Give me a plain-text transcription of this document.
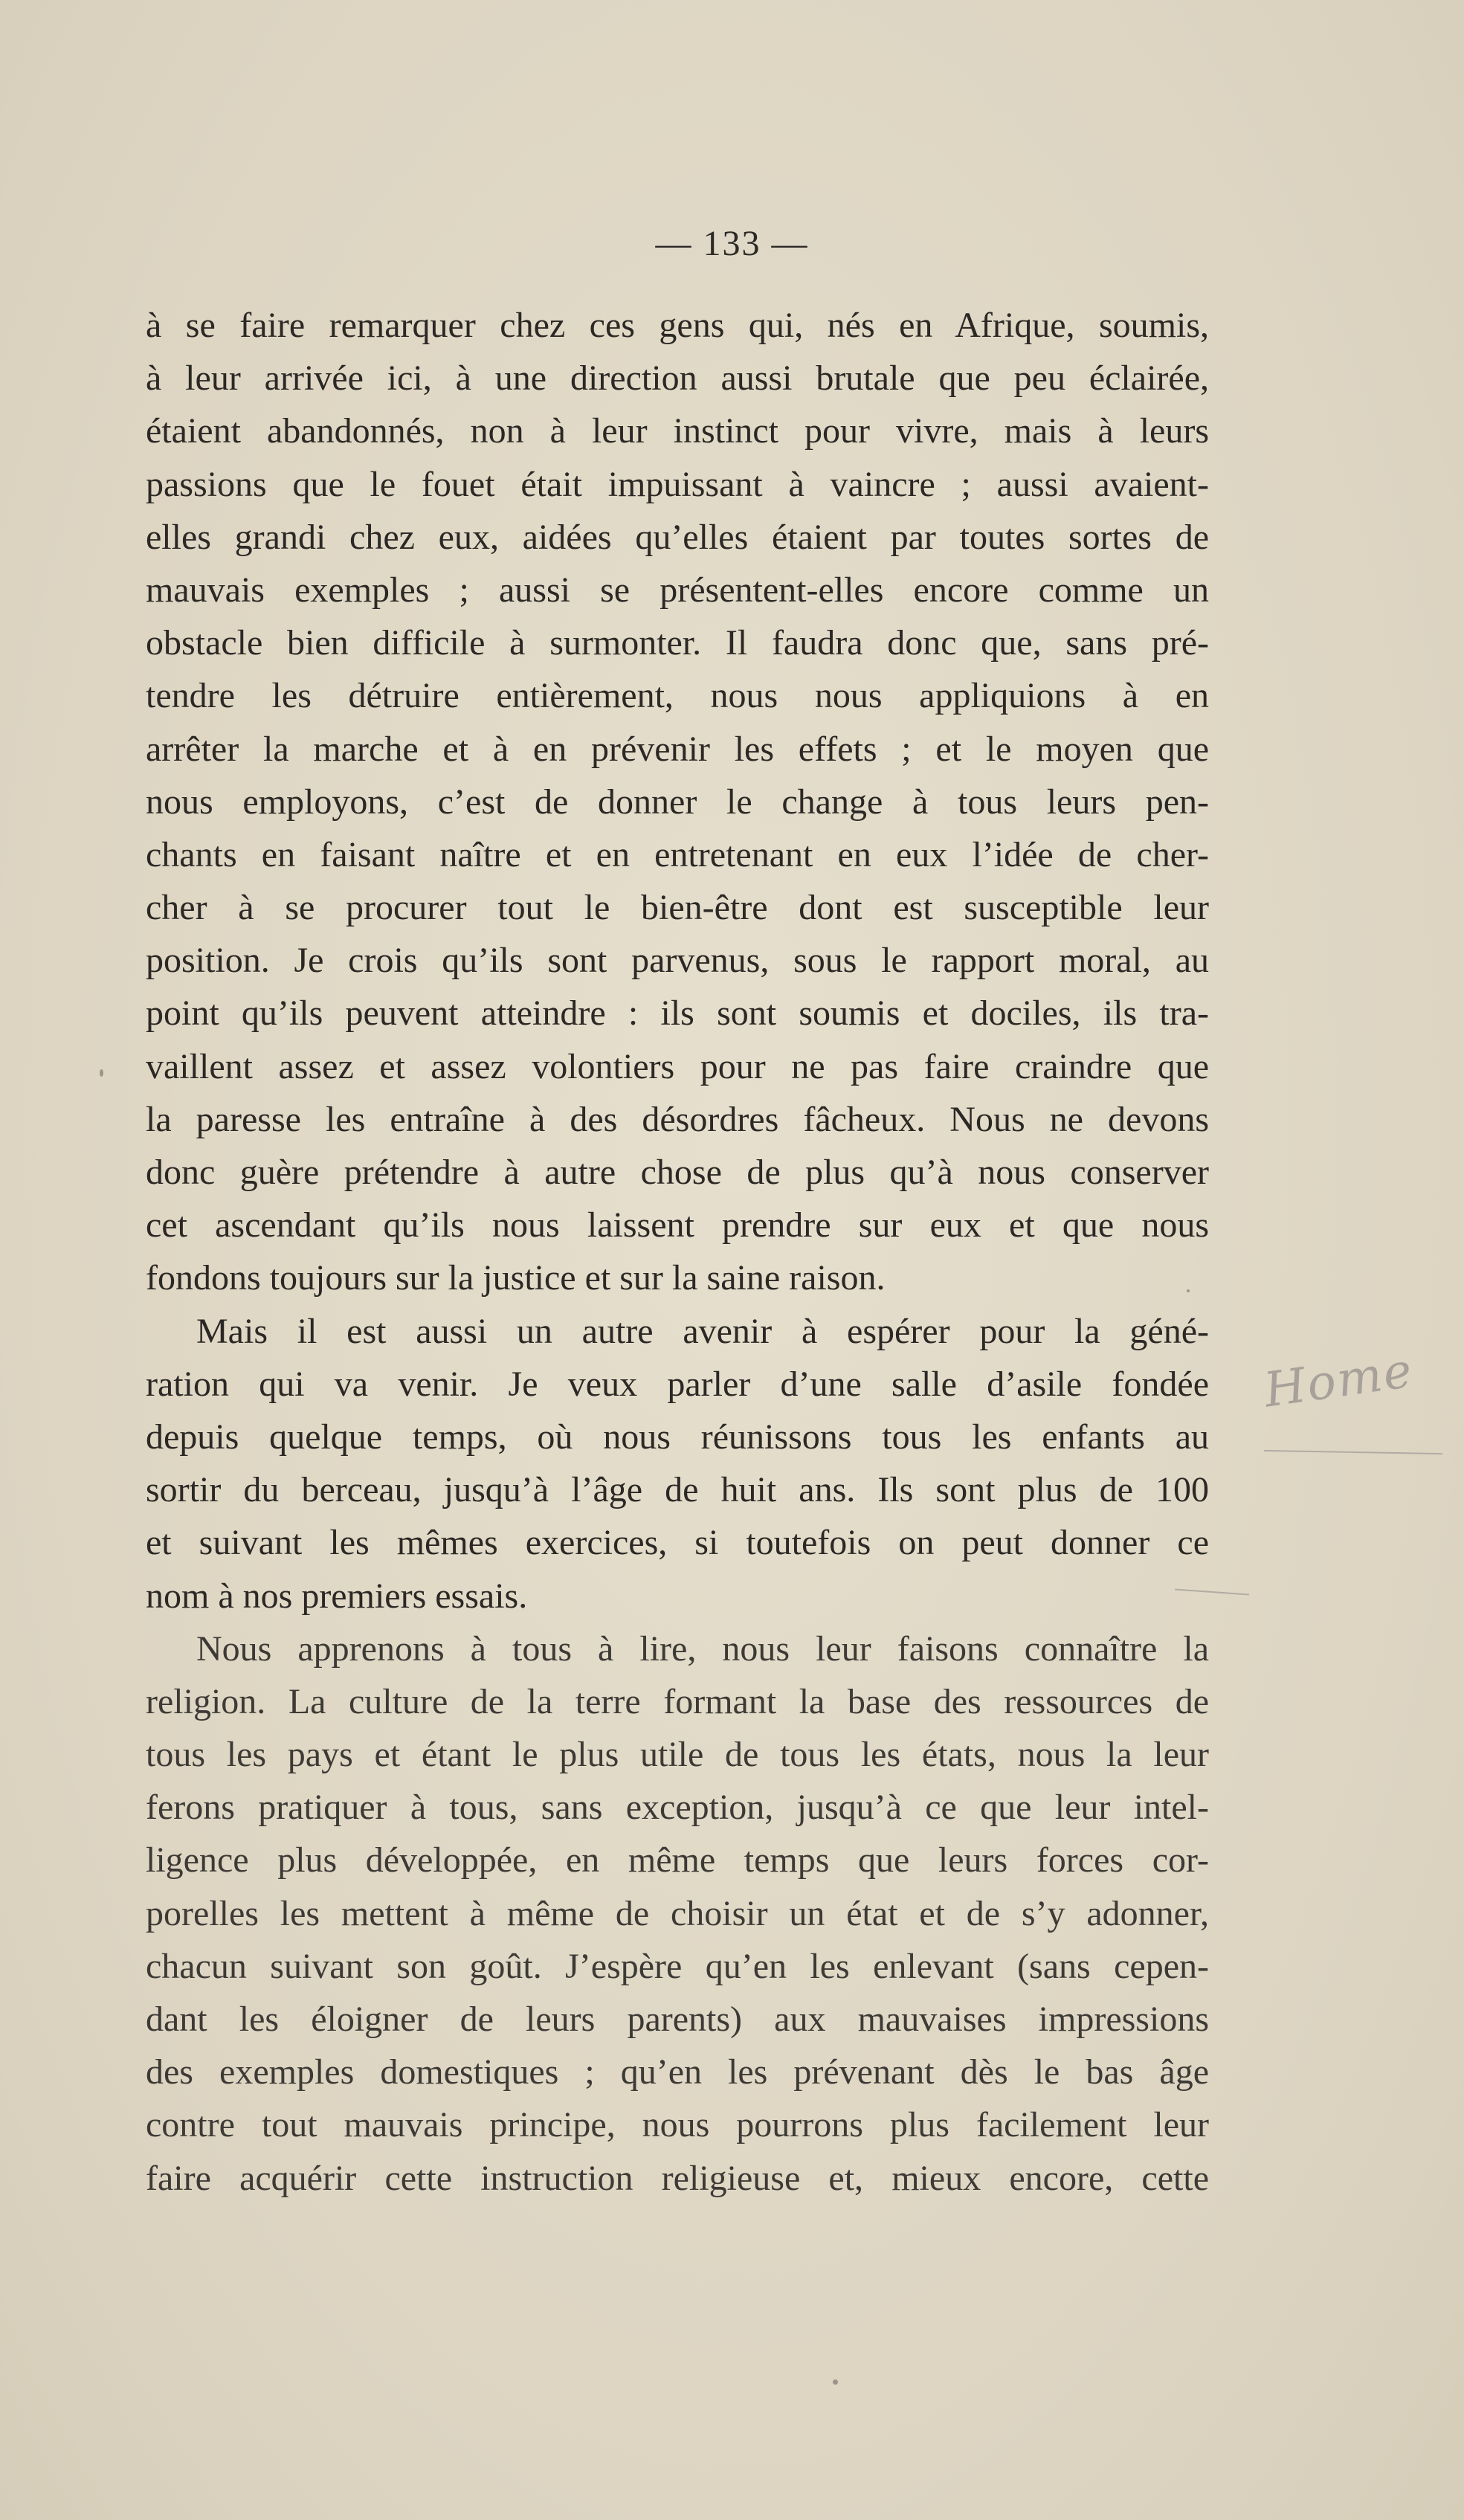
— 133 —
à se faire remarquer chez ces gens qui, nés en Afrique, soumis,
à leur arrivée ici, à une direction aussi brutale que peu éclairée,
étaient abandonnés, non à leur instinct pour vivre, mais à leurs
passions que le fouet était impuissant à vaincre ; aussi avaient-
elles grandi chez eux, aidées qu’elles étaient par toutes sortes de
mauvais exemples ; aussi se présentent-elles encore comme un
obstacle bien difficile à surmonter. Il faudra donc que, sans pré-
tendre les détruire entièrement, nous nous appliquions à en
arrêter la marche et à en prévenir les effets ; et le moyen que
nous employons, c’est de donner le change à tous leurs pen-
chants en faisant naître et en entretenant en eux l’idée de cher-
cher à se procurer tout le bien-être dont est susceptible leur
position. Je crois qu’ils sont parvenus, sous le rapport moral, au
point qu’ils peuvent atteindre : ils sont soumis et dociles, ils tra-
vaillent assez et assez volontiers pour ne pas faire craindre que
la paresse les entraîne à des désordres fâcheux. Nous ne devons
donc guère prétendre à autre chose de plus qu’à nous conserver
cet ascendant qu’ils nous laissent prendre sur eux et que nous
fondons toujours sur la justice et sur la saine raison.
Mais il est aussi un autre avenir à espérer pour la géné-
ration qui va venir. Je veux parler d’une salle d’asile fondée
depuis quelque temps, où nous réunissons tous les enfants au
sortir du berceau, jusqu’à l’âge de huit ans. Ils sont plus de 100
et suivant les mêmes exercices, si toutefois on peut donner ce
nom à nos premiers essais.
Nous apprenons à tous à lire, nous leur faisons connaître la
religion. La culture de la terre formant la base des ressources de
tous les pays et étant le plus utile de tous les états, nous la leur
ferons pratiquer à tous, sans exception, jusqu’à ce que leur intel-
ligence plus développée, en même temps que leurs forces cor-
porelles les mettent à même de choisir un état et de s’y adonner,
chacun suivant son goût. J’espère qu’en les enlevant (sans cepen-
dant les éloigner de leurs parents) aux mauvaises impressions
des exemples domestiques ; qu’en les prévenant dès le bas âge
contre tout mauvais principe, nous pourrons plus facilement leur
faire acquérir cette instruction religieuse et, mieux encore, cette
Home
